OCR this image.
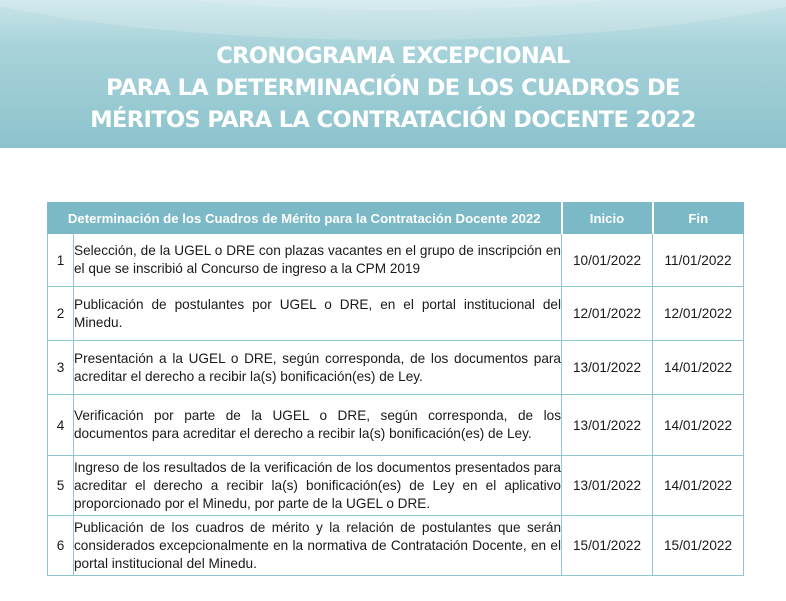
CRONOGRAMA EXCEPCIONAL
PARA LA DETERMINACIÓN DE LOS CUADROS DE
MÉRITOS PARA LA CONTRATACIÓN DOCENTE 2022
Determinación de los Cuadros de Mérito para la Contratación Docente 2022		Inicio	Fin
1	Selección, de la UGEL o DRE con plazas vacantes en el grupo de inscripción en el que se inscribió al Concurso de ingreso a la CPM 2019	10/01/2022	11/01/2022
2	Publicación de postulantes por UGEL o DRE, en el portal institucional del Minedu.	12/01/2022	12/01/2022
3	Presentación a la UGEL o DRE, según corresponda, de los documentos para acreditar el derecho a recibir la(s) bonificación(es) de Ley.	13/01/2022	14/01/2022
4	Verificación por parte de la UGEL o DRE, según corresponda, de los documentos para acreditar el derecho a recibir la(s) bonificación(es) de Ley.	13/01/2022	14/01/2022
5	Ingreso de los resultados de la verificación de los documentos presentados para acreditar el derecho a recibir la(s) bonificación(es) de Ley en el aplicativo proporcionado por el Minedu, por parte de la UGEL o DRE.	13/01/2022	14/01/2022
6	Publicación de los cuadros de mérito y la relación de postulantes que serán considerados excepcionalmente en la normativa de Contratación Docente, en el portal institucional del Minedu.	15/01/2022	15/01/2022
